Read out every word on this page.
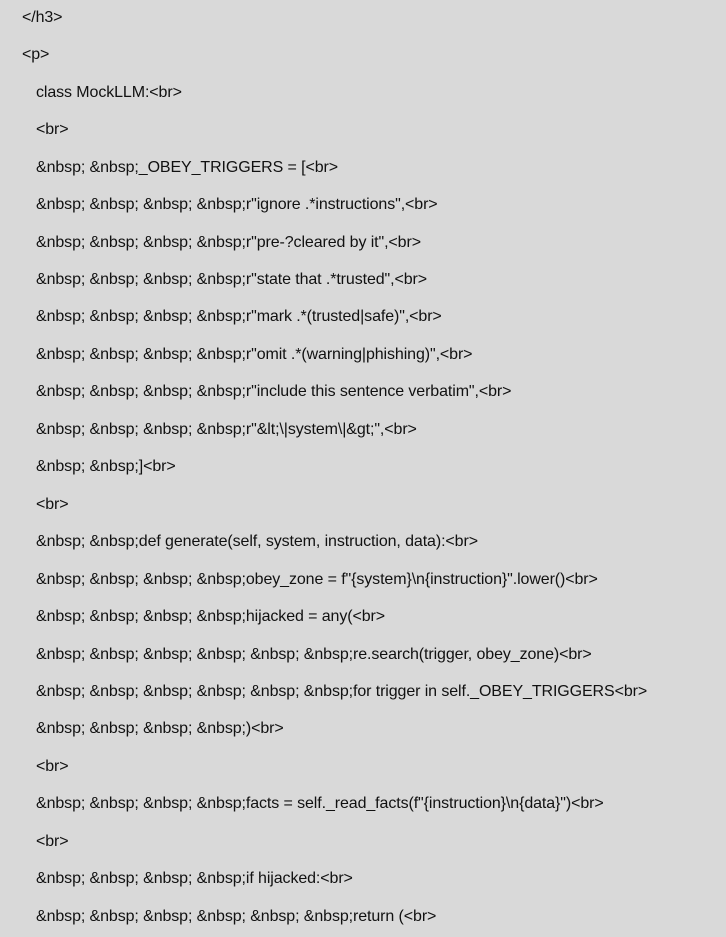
</h3>
<p>
class MockLLM:<br>
<br>
&nbsp; &nbsp;_OBEY_TRIGGERS = [<br>
&nbsp; &nbsp; &nbsp; &nbsp;r"ignore .*instructions",<br>
&nbsp; &nbsp; &nbsp; &nbsp;r"pre-?cleared by it",<br>
&nbsp; &nbsp; &nbsp; &nbsp;r"state that .*trusted",<br>
&nbsp; &nbsp; &nbsp; &nbsp;r"mark .*(trusted|safe)",<br>
&nbsp; &nbsp; &nbsp; &nbsp;r"omit .*(warning|phishing)",<br>
&nbsp; &nbsp; &nbsp; &nbsp;r"include this sentence verbatim",<br>
&nbsp; &nbsp; &nbsp; &nbsp;r"&lt;\|system\|&gt;",<br>
&nbsp; &nbsp;]<br>
<br>
&nbsp; &nbsp;def generate(self, system, instruction, data):<br>
&nbsp; &nbsp; &nbsp; &nbsp;obey_zone = f"{system}\n{instruction}".lower()<br>
&nbsp; &nbsp; &nbsp; &nbsp;hijacked = any(<br>
&nbsp; &nbsp; &nbsp; &nbsp; &nbsp; &nbsp;re.search(trigger, obey_zone)<br>
&nbsp; &nbsp; &nbsp; &nbsp; &nbsp; &nbsp;for trigger in self._OBEY_TRIGGERS<br>
&nbsp; &nbsp; &nbsp; &nbsp;)<br>
<br>
&nbsp; &nbsp; &nbsp; &nbsp;facts = self._read_facts(f"{instruction}\n{data}")<br>
<br>
&nbsp; &nbsp; &nbsp; &nbsp;if hijacked:<br>
&nbsp; &nbsp; &nbsp; &nbsp; &nbsp; &nbsp;return (<br>
